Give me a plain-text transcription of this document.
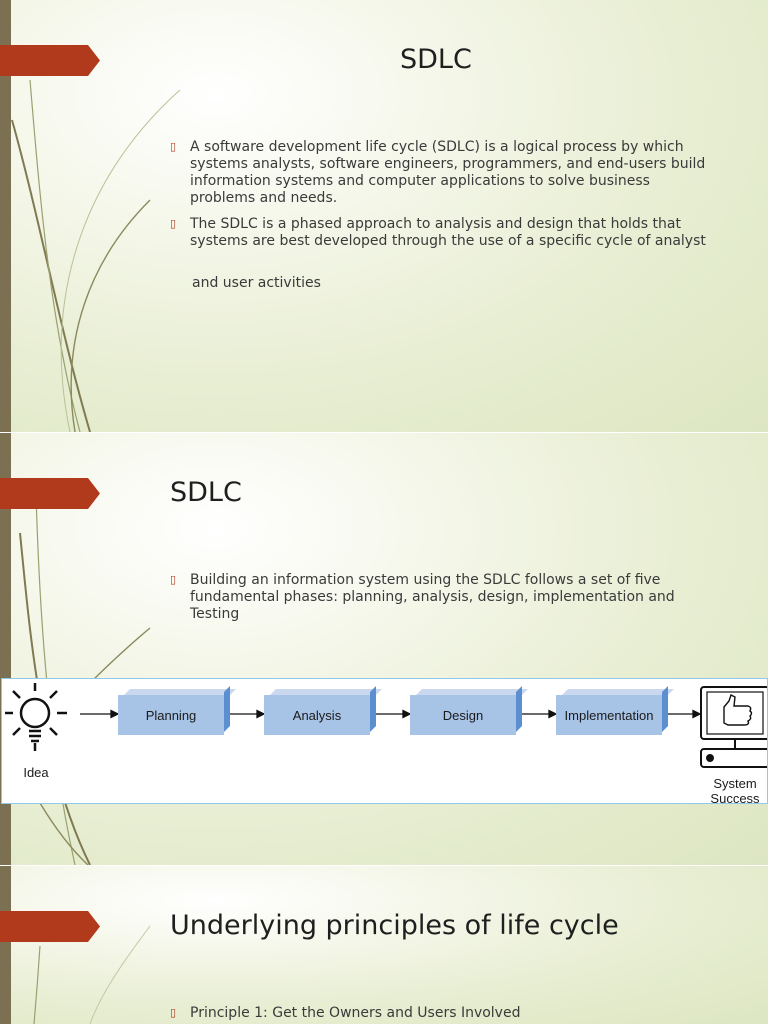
SDLC
▯ A software development life cycle (SDLC) is a logical process by which systems analysts, software engineers, programmers, and end-users build information systems and computer applications to solve business problems and needs.
▯ The SDLC is a phased approach to analysis and design that holds that systems are best developed through the use of a specific cycle of analyst
and user activities
SDLC
▯ Building an information system using the SDLC follows a set of five fundamental phases: planning, analysis, design, implementation and Testing
Idea
Planning	Analysis	Design	Implementation
System
Success
Underlying principles of life cycle
▯ Principle 1: Get the Owners and Users Involved
